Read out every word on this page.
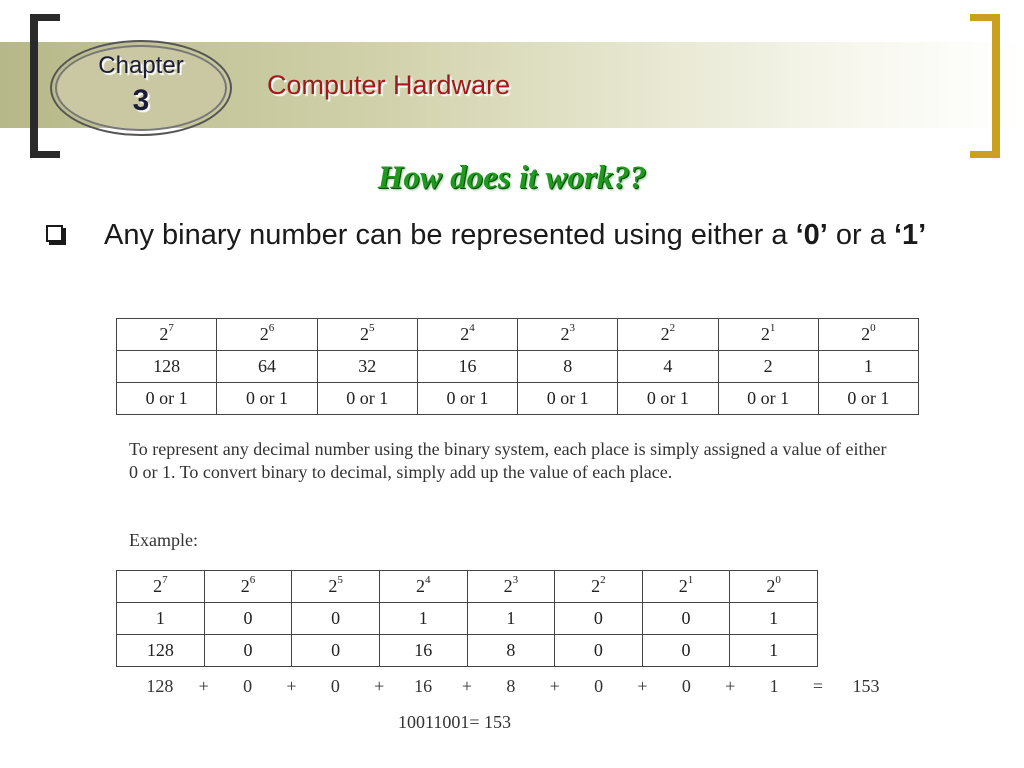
Chapter
3	Computer Hardware
How does it work??
Any binary number can be represented using either a ‘0’ or a ‘1’
$2^7$	$2^6$	$2^5$	$2^4$	$2^3$	$2^2$	$2^1$	$2^0$
128	64	32	16	8	4	2	1
0 or 1	0 or 1	0 or 1	0 or 1	0 or 1	0 or 1	0 or 1	0 or 1
To represent any decimal number using the binary system, each place is simply assigned a value of either 0 or 1. To convert binary to decimal, simply add up the value of each place.
Example:
$2^7$	$2^6$	$2^5$	$2^4$	$2^3$	$2^2$	$2^1$	$2^0$
1	0	0	1	1	0	0	1
128	0	0	16	8	0	0	1
128 + 0 + 0 + 16 + 8 + 0 + 0 + 1 = 153
10011001= 153
